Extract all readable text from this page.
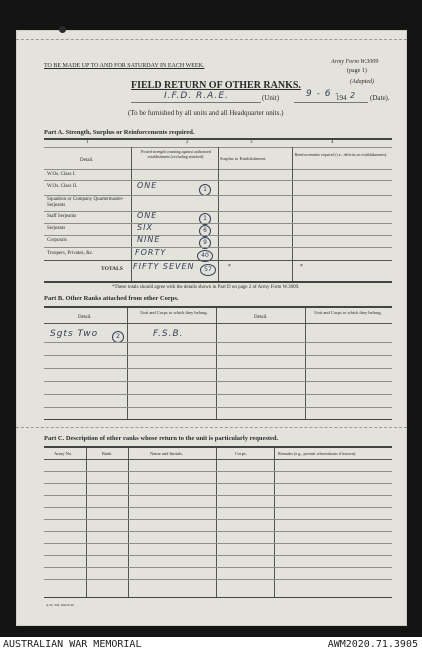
TO BE MADE UP TO AND FOR SATURDAY IN EACH WEEK.
Army Form W.3009
(page 1)
FIELD RETURN OF OTHER RANKS.	(Adapted)
I.F.D. R.A.E.	(Unit)	9 - 6 -
194 2 (Date).
(To be furnished by all units and all Headquarter units.)
Part A. Strength, Surplus or Reinforcements required.
1	2	3	4
Detail.
Posted strength counting against authorized establishment (excluding attached).	Surplus to Establishment.
Reinforcements required (i.e., deficits on establishments).
W.Os. Class I.
W.Os. Class II.	ONE	1
Squadron or Company Quartermaster-Serjeants
Staff Serjeants	ONE	1
Serjeants	SIX	6
Corporals	NINE	9
Troopers, Privates, &c.	FORTY	40
TOTALS FIFTY SEVEN	57	*	*
*These totals should agree with the details shown in Part D on page 2 of Army Form W.3009.
Part B. Other Ranks attached from other Corps.
Detail.
Unit and Corps to which they belong.
Detail.
Unit and Corps to which they belong.
Sgts Two	2	F.S.B.
Part C. Description of other ranks whose return to the unit is particularly requested.
Army No.	Rank.	Name and Initials.	Corps.	Remarks (e.g., present whereabouts if known).
A.W. 324 10m 8/40
AUSTRALIAN WAR MEMORIAL	AWM2020.71.3905
